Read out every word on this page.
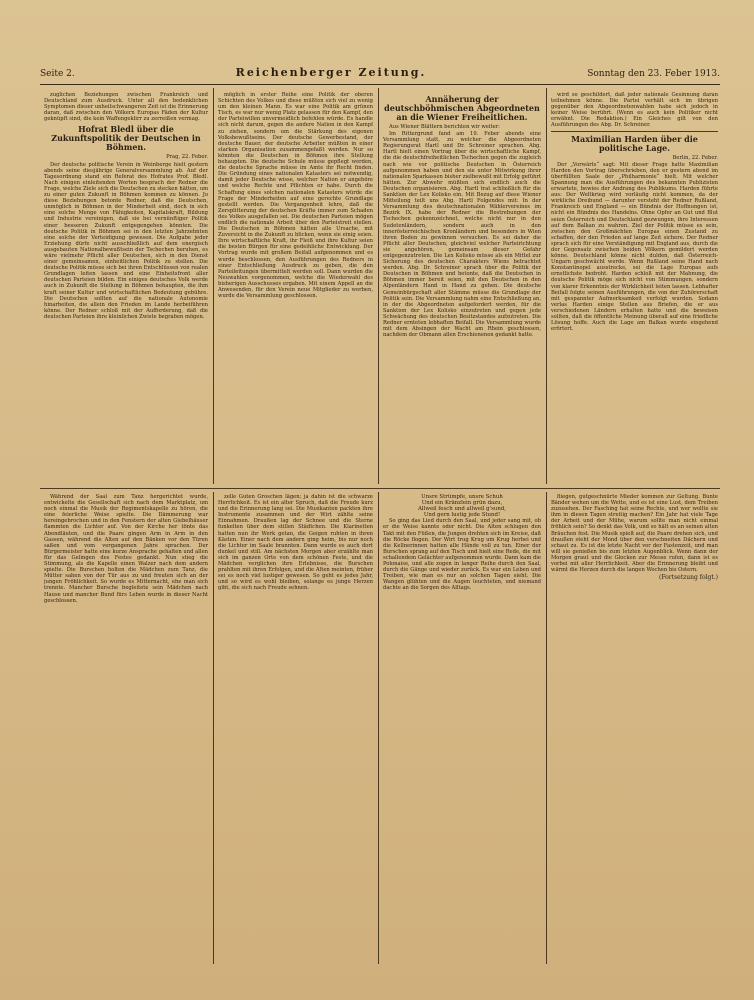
Seite 2.	Reichenberger Zeitung.	Sonntag den 23. Feber 1913.

zuglichen Beziehungen zwischen Frankreich und Deutschland zum Ausdruck. Unter all den bedenklichen Symptomen dieser unheilschwangeren Zeit ist die Erinnerung daran, daß zwischen den Völkern Europas Fäden der Kultur geknüpft sind, die kein Waffengeklirr zu zerreißen vermag.

Hofrat Bledl über die Zukunftspolitik der Deutschen in Böhmen.

Prag, 22. Feber.

Der deutsche politische Verein in Weinberge hielt gestern abends seine diesjährige Generalversammlung ab. Auf der Tagesordnung stand ein Referat des Hofrates Prof. Bledl. Nach einigen einleitenden Worten besprach der Redner die Frage, welche Ziele sich die Deutschen zu stecken hätten, um zu einer guten Zukunft in Böhmen kommen zu können. Jo diese Beziehungen betonte Redner, daß die Deutschen, unmöglich in Böhmen in der Minderheit sind, doch in sich eine solche Menge von Fähigkeiten, Kapitalskraft, Bildung und Industrie vereinigen, daß sie bei vernünftiger Politik einer besseren Zukunft entgegengehen könnten. Die deutsche Politik in Böhmen sei in den letzten Jahrzehnten eine solche der Verteidigung gewesen. Die Aufgabe jeder Erziehung dürfe nicht ausschließlich auf dem energisch ausgebauten Nationalbewußtsein der Tschechen beruhen, es wäre vielmehr Pflicht aller Deutschen, sich in den Dienst einer gemeinsamen, einheitlichen Politik zu stellen. Die deutsche Politik müsse sich bei ihren Entschlüssen von realen Grundlagen leiten lassen und eine Einheitsfront aller deutschen Parteien bilden. Ein einiges deutsches Volk werde auch in Zukunft die Stellung in Böhmen behaupten, die ihm kraft seiner Kultur und wirtschaftlichen Bedeutung gebühre. Die Deutschen sollten auf die nationale Autonomie hinarbeiten, die allein den Frieden im Lande herbeiführen könne. Der Redner schloß mit der Aufforderung, daß die deutschen Parteien ihre kleinlichen Zwiste begraben mögen.

möglich in erster Reihe eine Politik der oberen Schichten des Volkes und diese müßten sich viel zu wenig um den kleinen Mann. Es war eine Politik am grünen Tisch, es war nur wenig Platz gelassen für den Kampf, den der Parteiwillen unvermeidlich befehlen würde. Es handle sich nicht darum, gegen die andere Nation in den Kampf zu ziehen, sondern um die Stärkung des eigenen Volksbewußtseins. Der deutsche Gewerbestand, der deutsche Bauer, der deutsche Arbeiter müßten in einer starken Organisation zusammengefaßt werden. Nur so könnten die Deutschen in Böhmen ihre Stellung behaupten. Die deutsche Schule müsse gepflegt werden, die deutsche Sprache müsse im Amte ihr Recht finden. Die Gründung eines nationalen Katasters sei notwendig, damit jeder Deutsche wisse, welcher Nation er angehöre und welche Rechte und Pflichten er habe. Durch die Schaffung eines solchen nationalen Katasters würde die Frage der Minderheiten auf eine gerechte Grundlage gestellt werden. Die Vergangenheit lehre, daß die Zersplitterung der deutschen Kräfte immer zum Schaden des Volkes ausgefallen sei. Die deutschen Parteien mögen endlich die nationale Arbeit über den Parteistreit stellen. Die Deutschen in Böhmen hätten alle Ursache, mit Zuversicht in die Zukunft zu blicken, wenn sie einig seien. Ihre wirtschaftliche Kraft, ihr Fleiß und ihre Kultur seien die besten Bürgen für eine gedeihliche Entwicklung. Der Vortrag wurde mit großem Beifall aufgenommen und es wurde beschlossen, den Ausführungen des Redners in einer Entschließung Ausdruck zu geben, die den Parteileitungen übermittelt werden soll. Dann wurden die Neuwahlen vorgenommen, welche die Wiederwahl des bisherigen Ausschusses ergaben. Mit einem Appell an die Anwesenden, für den Verein neue Mitglieder zu werben, wurde die Versammlung geschlossen.

Annäherung der deutschböhmischen Abgeordneten an die Wiener Freiheitlichen.

Aus Wiener Blättern berichten wir weiter:

Im Rittergrund fand am 19. Feber abends eine Versammlung statt, zu welcher die Abgeordneten Regierungsrat Hartl und Dr. Schreiner sprachen. Abg. Hartl hielt einen Vortrag über die wirtschaftliche Kampf, die die deutschfreiheitlichen Tschechen gegen die zugleich nach wie vor politische Deutschen in Österreich aufgenommen haben und den sie unter Mitwirkung ihrer nationalen Sparkassen bisher zielbewußt mit Erfolg geführt hätten. Zur Abwehr müßten sich endlich auch die Deutschen organisieren. Abg. Hartl trat schließlich für die Sanktion der Lex Kolisko ein. Mit Bezug auf diese Wiener Mitteilung teilt uns Abg. Hartl Folgendes mit: In der Versammlung des deutschnationalen Wählervereines im Bezirk IX. habe der Redner die Bestrebungen der Tschechen gekennzeichnet, welche nicht nur in den Sudetenländern, sondern auch in den innerösterreichischen Kronländern und besonders in Wien ihren Boden zu gewinnen versuchen. Es sei daher die Pflicht aller Deutschen, gleichviel welcher Parteirichtung sie angehören, gemeinsam dieser Gefahr entgegenzutreten. Die Lex Kolisko müsse als ein Mittel zur Sicherung des deutschen Charakters Wiens betrachtet werden. Abg. Dr. Schreiner sprach über die Politik der Deutschen in Böhmen und betonte, daß die Deutschen in Böhmen immer bereit seien, mit den Deutschen in den Alpenländern Hand in Hand zu gehen. Die deutsche Gemeinbürgschaft aller Stämme müsse die Grundlage der Politik sein. Die Versammlung nahm eine Entschließung an, in der die Abgeordneten aufgefordert werden, für die Sanktion der Lex Kolisko einzutreten und gegen jede Schwächung des deutschen Besitzstandes aufzutreten. Die Redner ernteten lebhaften Beifall. Die Versammlung wurde mit dem Absingen der Wacht am Rhein geschlossen, nachdem der Obmann allen Erschienenen gedankt hatte.

wird so geschildert, daß jeder nationale Gesinnung daran teilnehmen könne. Die Partei verhält sich im übrigen gegenüber den Abgeordnetenwahlen habe sich jedoch in keiner Weise berührt. (Wenn es auch kein Politiker nicht erwähnt. Die Redaktion.) Ein Gleiches gilt von den Ausführungen des Abg. Dr. Schreiner.

Maximilian Harden über die politische Lage.

Berlin, 22. Feber.

Der „Vorwärts“ sagt: Mit dieser Frage hatte Maximilian Harden den Vortrag überschrieben, den er gestern abend im überfüllten Saale der „Philharmonie“ hielt. Mit welcher Spannung man die Ausführungen des bekannten Publizisten erwartete, bewies der Andrang des Publikums. Harden führte aus: Der Weltkrieg wird vorläufig nicht kommen, da der wirkliche Dreibund — darunter versteht der Redner Rußland, Frankreich und England — ein Bündnis der Hoffnungen ist, nicht ein Bündnis des Handelns. Ohne Opfer an Gut und Blut seien Österreich und Deutschland gezwungen, ihre Interessen auf dem Balkan zu wahren. Ziel der Politik müsse es sein, zwischen den Großmächten Europas einen Zustand zu schaffen, der den Frieden auf lange Zeit sichere. Der Redner sprach sich für eine Verständigung mit England aus, durch die der Gegensatz zwischen beiden Völkern gemildert werden könne. Deutschland könne nicht dulden, daß Österreich-Ungarn geschwächt werde. Wenn Rußland seine Hand nach Konstantinopel ausstrecke, sei die Lage Europas aufs ernstlichste bedroht. Harden schloß mit der Mahnung, die deutsche Politik möge sich nicht von Stimmungen, sondern von klarer Erkenntnis der Wirklichkeit leiten lassen. Lebhafter Beifall folgte seinen Ausführungen, die von der Zuhörerschaft mit gespannter Aufmerksamkeit verfolgt wurden. Sodann verlas Harden einige Stellen aus Briefen, die er aus verschiedenen Ländern erhalten hatte und die beweisen sollten, daß die öffentliche Meinung überall auf eine friedliche Lösung hoffe. Auch die Lage am Balkan wurde eingehend erörtert.

Während der Saal zum Tanz hergerichtet wurde, entwickelte die Gesellschaft sich nach dem Marktplatz, um noch einmal die Musik der Regimentskapelle zu hören, die eine feierliche Weise spielte. Die Dämmerung war hereingebrochen und in den Fenstern der alten Giebelhäuser flammten die Lichter auf. Von der Kirche her tönte das Abendläuten, und die Paare gingen Arm in Arm in den Gassen, während die Alten auf den Bänken vor den Türen saßen und vom vergangenen Jahre sprachen. Der Bürgermeister hatte eine kurze Ansprache gehalten und allen für das Gelingen des Festes gedankt. Nun stieg die Stimmung, als die Kapelle einen Walzer nach dem andern spielte. Die Burschen holten die Mädchen zum Tanz, die Mütter sahen von der Tür aus zu und freuten sich an der jungen Fröhlichkeit. So wurde es Mitternacht, ehe man sich trennte. Mancher Bursche begleitete sein Mädchen nach Hause und mancher Bund fürs Leben wurde in dieser Nacht geschlossen.

zelle Guten Groschen lägen; ja dahin ist die schwarze Herrlichkeit. Es ist ein alter Spruch, daß die Freude kurz und die Erinnerung lang sei. Die Musikanten packten ihre Instrumente zusammen und der Wirt zählte seine Einnahmen. Draußen lag der Schnee und die Sterne funkelten über dem stillen Städtchen. Die Klarinetten hatten nun ihr Werk getan, die Geigen ruhten in ihren Kästen. Einer nach dem andern ging heim, bis nur noch die Lichter im Saale brannten. Dann wurde es auch dort dunkel und still. Am nächsten Morgen aber erzählte man sich im ganzen Orte von dem schönen Feste, und die Mädchen verglichen ihre Erlebnisse, die Burschen prahlten mit ihren Erfolgen, und die Alten meinten, früher sei es noch viel lustiger gewesen. So geht es jedes Jahr, und so wird es wohl bleiben, solange es junge Herzen gibt, die sich nach Freude sehnen.

Unsre Strümpfe, unsre Schuh
Und ein Kränzlein grün dazu,
Allweil fesch und allweil g'sund,
Und gern lustig jede Stund!

So ging das Lied durch den Saal, und jeder sang mit, ob er die Weise kannte oder nicht. Die Alten schlugen den Takt mit den Füßen, die Jungen drehten sich im Kreise, daß die Röcke flogen. Der Wirt trug Krug um Krug herbei und die Kellnerinnen hatten alle Hände voll zu tun. Einer der Burschen sprang auf den Tisch und hielt eine Rede, die mit schallendem Gelächter aufgenommen wurde. Dann kam die Polonaise, und alle zogen in langer Reihe durch den Saal, durch die Gänge und wieder zurück. Es war ein Leben und Treiben, wie man es nur an solchen Tagen sieht. Die Wangen glühten und die Augen leuchteten, und niemand dachte an die Sorgen des Alltags.

fliegen, gutgeschnürte Mieder kommen zur Geltung. Bunte Bänder wehen um die Wette, und es ist eine Lust, dem Treiben zuzusehen. Der Fasching hat seine Rechte, und wer wollte sie ihm in diesen Tagen streitig machen? Ein Jahr hat viele Tage der Arbeit und der Mühe, warum sollte man nicht einmal fröhlich sein? So denkt das Volk, und so hält es an seinen alten Bräuchen fest. Die Musik spielt auf, die Paare drehen sich, und draußen steht der Mond über den verschneiten Dächern und schaut zu. Es ist die letzte Nacht vor der Fastenzeit, und man will sie genießen bis zum letzten Augenblick. Wenn dann der Morgen graut und die Glocken zur Messe rufen, dann ist es vorbei mit aller Herrlichkeit. Aber die Erinnerung bleibt und wärmt die Herzen durch die langen Wochen bis Ostern.

(Fortsetzung folgt.)
